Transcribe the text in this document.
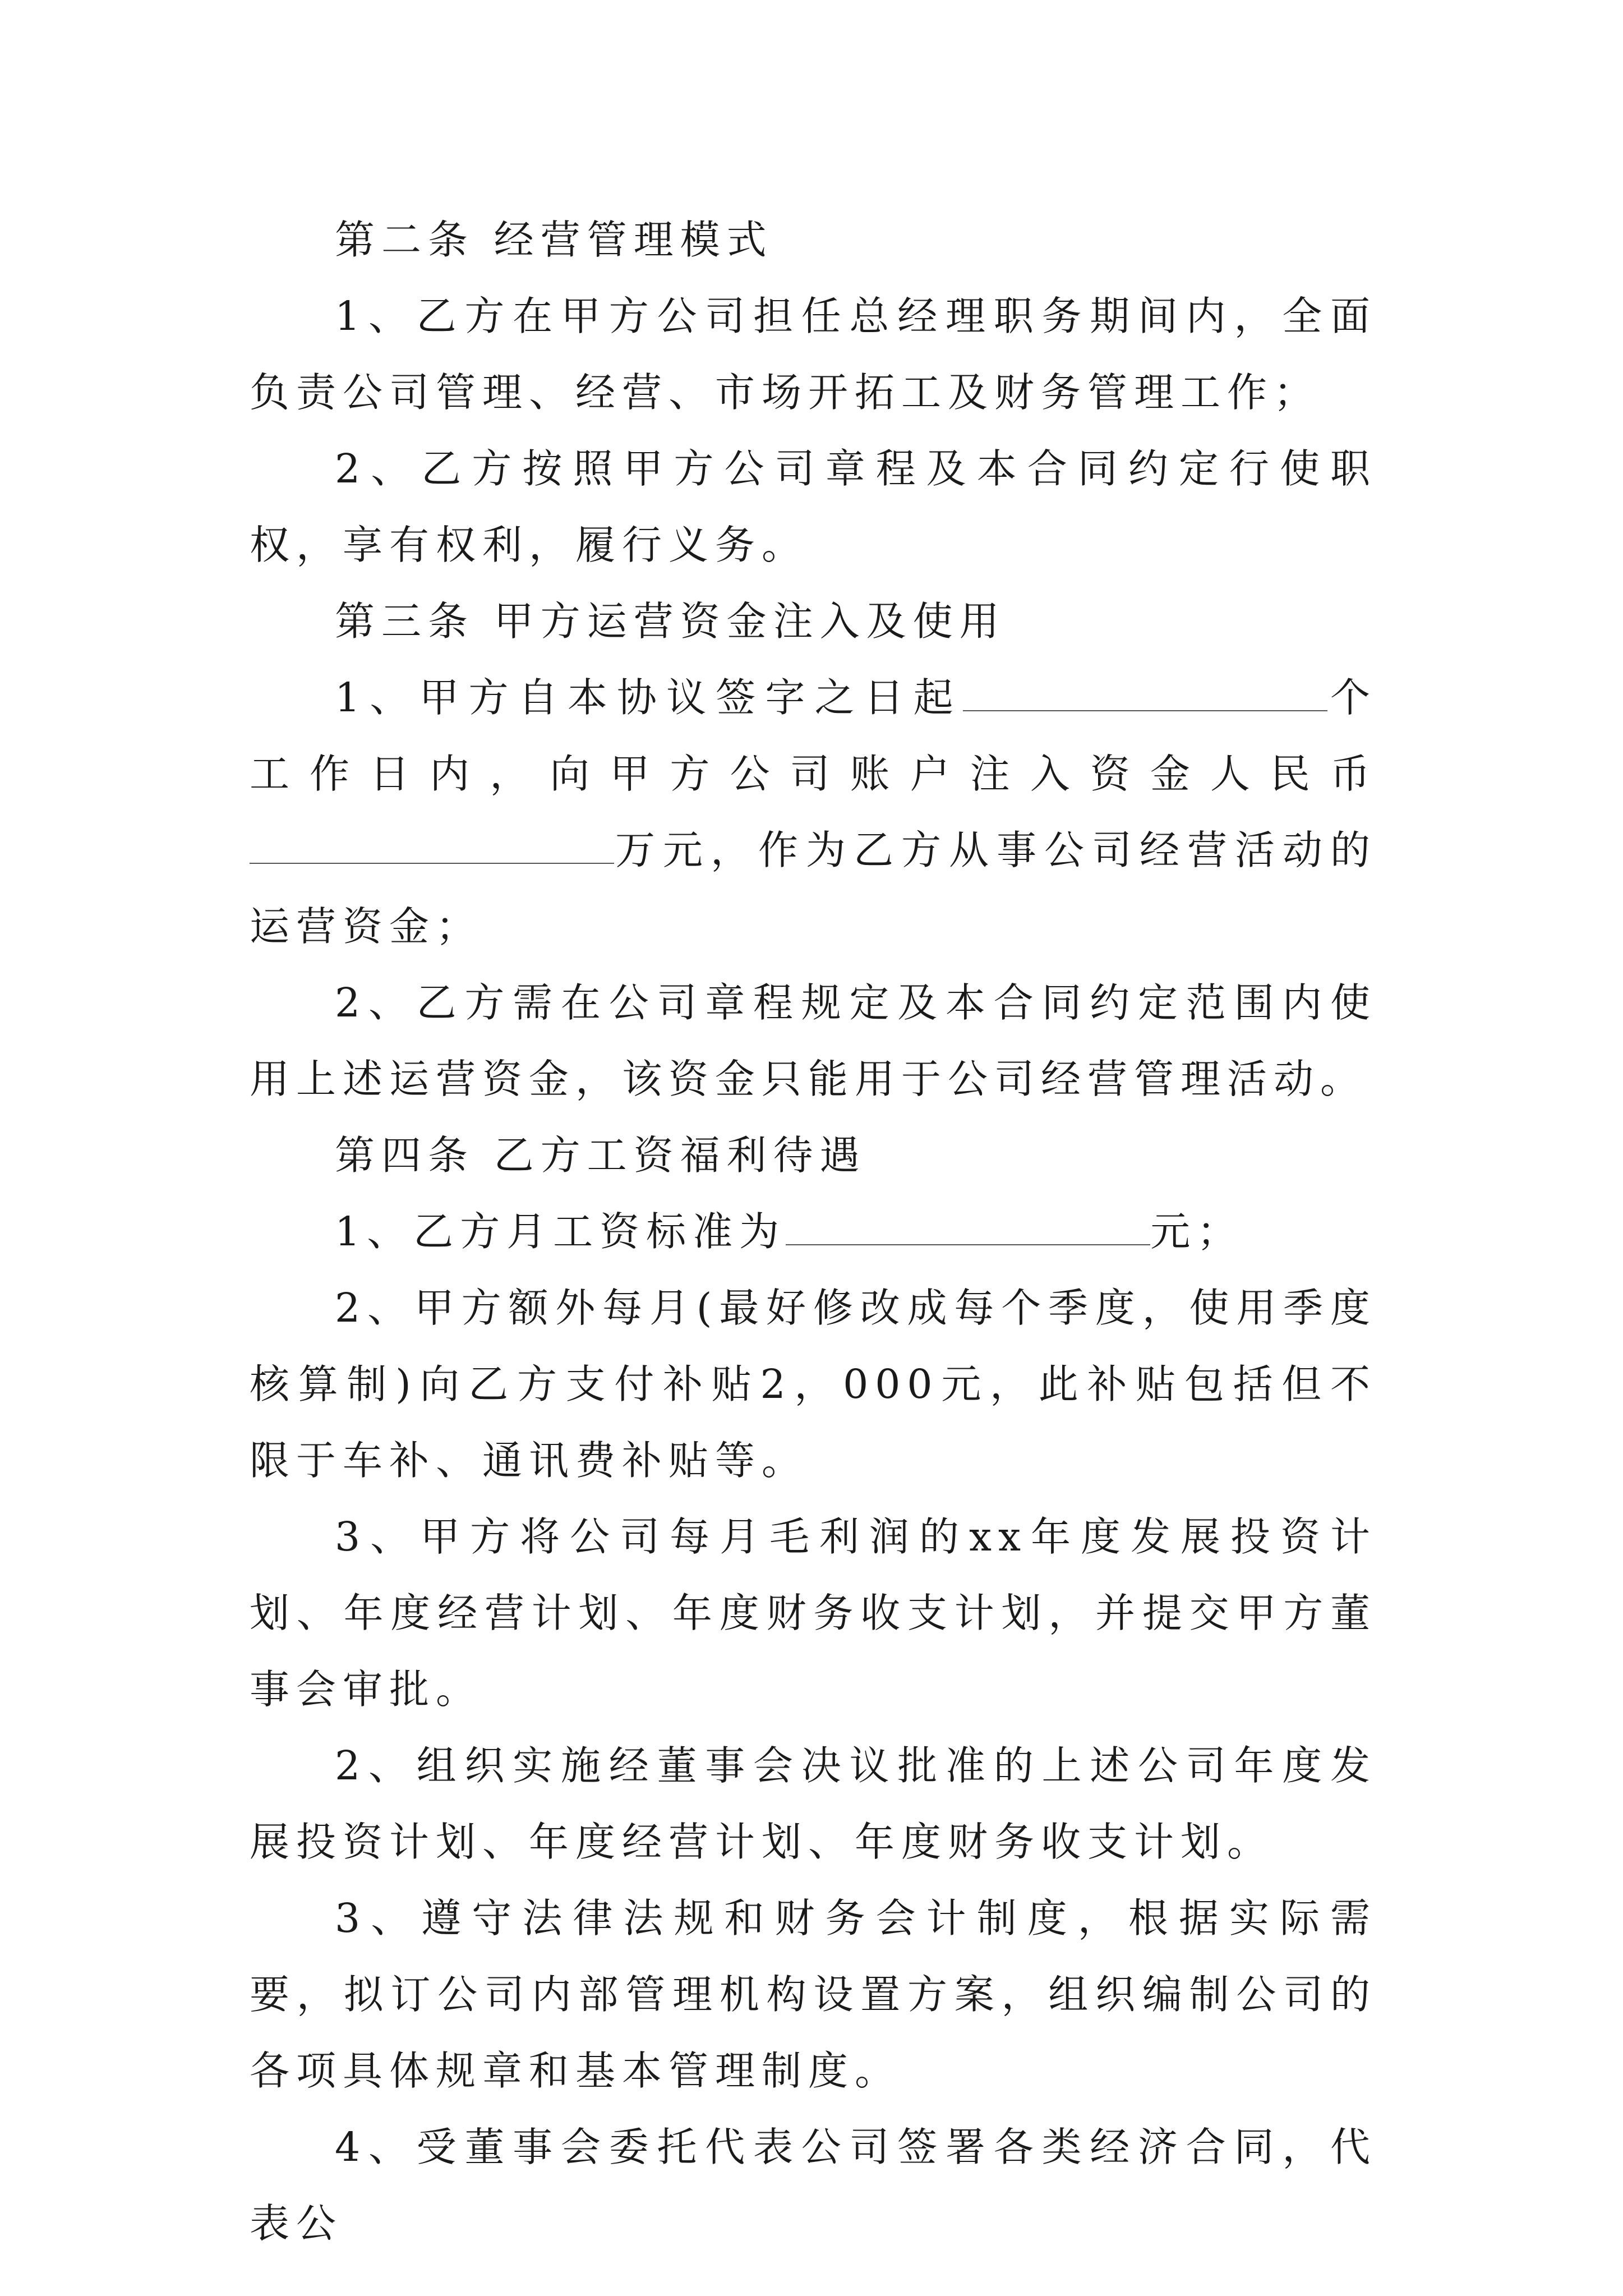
第二条 经营管理模式

1、乙方在甲方公司担任总经理职务期间内，全面负责公司管理、经营、市场开拓工及财务管理工作；

2、乙方按照甲方公司章程及本合同约定行使职权，享有权利，履行义务。

第三条 甲方运营资金注入及使用

1、甲方自本协议签字之日起	个工作日内，向甲方公司账户注入资金人民币万元，作为乙方从事公司经营活动的运营资金；

2、乙方需在公司章程规定及本合同约定范围内使用上述运营资金，该资金只能用于公司经营管理活动。

第四条 乙方工资福利待遇

1、乙方月工资标准为	元；

2、甲方额外每月(最好修改成每个季度，使用季度核算制)向乙方支付补贴2，000元，此补贴包括但不限于车补、通讯费补贴等。

3、甲方将公司每月毛利润的xx年度发展投资计划、年度经营计划、年度财务收支计划，并提交甲方董事会审批。

2、组织实施经董事会决议批准的上述公司年度发展投资计划、年度经营计划、年度财务收支计划。

3、遵守法律法规和财务会计制度，根据实际需要，拟订公司内部管理机构设置方案，组织编制公司的各项具体规章和基本管理制度。

4、受董事会委托代表公司签署各类经济合同，代表公
